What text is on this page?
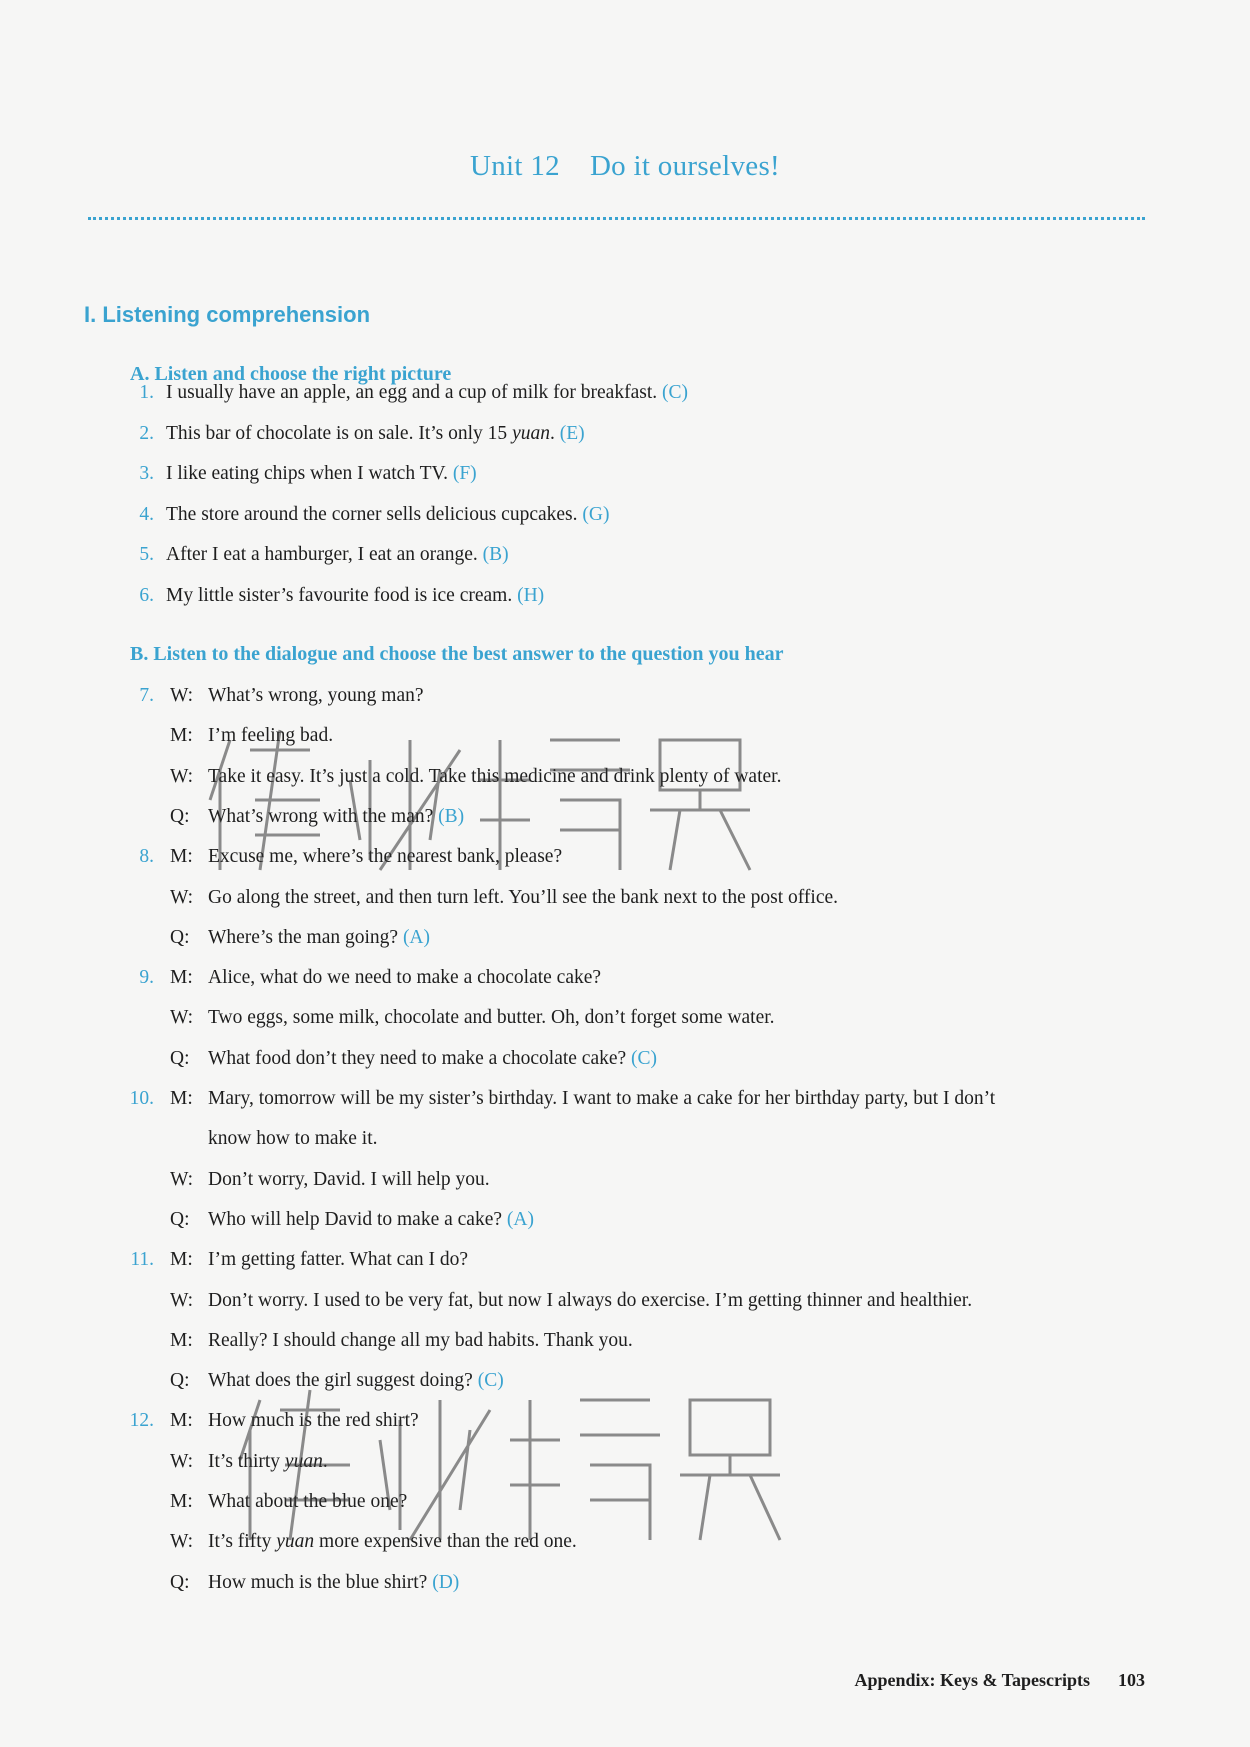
Unit 12 Do it ourselves!
I. Listening comprehension
A. Listen and choose the right picture
1. I usually have an apple, an egg and a cup of milk for breakfast. (C)
2. This bar of chocolate is on sale. It’s only 15 yuan. (E)
3. I like eating chips when I watch TV. (F)
4. The store around the corner sells delicious cupcakes. (G)
5. After I eat a hamburger, I eat an orange. (B)
6. My little sister’s favourite food is ice cream. (H)
B. Listen to the dialogue and choose the best answer to the question you hear
7. W: What’s wrong, young man?
M: I’m feeling bad.
W: Take it easy. It’s just a cold. Take this medicine and drink plenty of water.
Q: What’s wrong with the man? (B)
8. M: Excuse me, where’s the nearest bank, please?
W: Go along the street, and then turn left. You’ll see the bank next to the post office.
Q: Where’s the man going? (A)
9. M: Alice, what do we need to make a chocolate cake?
W: Two eggs, some milk, chocolate and butter. Oh, don’t forget some water.
Q: What food don’t they need to make a chocolate cake? (C)
10. M: Mary, tomorrow will be my sister’s birthday. I want to make a cake for her birthday party, but I don’t
know how to make it.
W: Don’t worry, David. I will help you.
Q: Who will help David to make a cake? (A)
11. M: I’m getting fatter. What can I do?
W: Don’t worry. I used to be very fat, but now I always do exercise. I’m getting thinner and healthier.
M: Really? I should change all my bad habits. Thank you.
Q: What does the girl suggest doing? (C)
12. M: How much is the red shirt?
W: It’s thirty yuan.
M: What about the blue one?
W: It’s fifty yuan more expensive than the red one.
Q: How much is the blue shirt? (D)
Appendix: Keys & Tapescripts 103
